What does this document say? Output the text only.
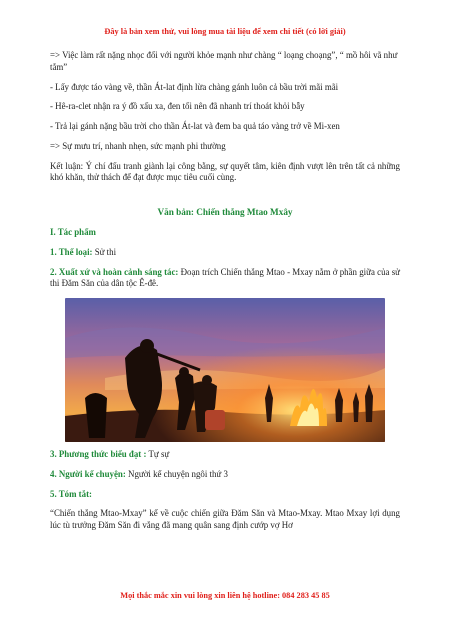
Đây là bản xem thử, vui lòng mua tài liệu để xem chi tiết (có lời giải)

=> Việc làm rất nặng nhọc đối với người khỏe mạnh như chàng “ loạng choạng”, “ mồ hôi vã như tắm”

- Lấy được táo vàng về, thần Át-lat định lừa chàng gánh luôn cả bầu trời mãi mãi

- Hê-ra-clet nhận ra ý đồ xấu xa, đen tối nên đã nhanh trí thoát khỏi bẫy

- Trả lại gánh nặng bầu trời cho thần Át-lat và đem ba quả táo vàng trở về Mi-xen

=> Sự mưu trí, nhanh nhẹn, sức mạnh phi thường

Kết luận: Ý chí đấu tranh giành lại công bằng, sự quyết tâm, kiên định vượt lên trên tất cả những khó khăn, thử thách để đạt được mục tiêu cuối cùng.

Văn bản: Chiến thắng Mtao Mxây

I. Tác phẩm

1. Thể loại: Sử thi

2. Xuất xứ và hoàn cảnh sáng tác: Đoạn trích Chiến thắng Mtao - Mxay nằm ở phần giữa của sử thi Đăm Săn của dân tộc Ê-đê.

3. Phương thức biểu đạt : Tự sự

4. Người kể chuyện: Người kể chuyện ngôi thứ 3

5. Tóm tắt:

“Chiến thắng Mtao-Mxay” kể về cuộc chiến giữa Đăm Săn và Mtao-Mxay. Mtao Mxay lợi dụng lúc tù trưởng Đăm Săn đi vắng đã mang quân sang định cướp vợ Hơ

Mọi thắc mắc xin vui lòng xin liên hệ hotline: 084 283 45 85
